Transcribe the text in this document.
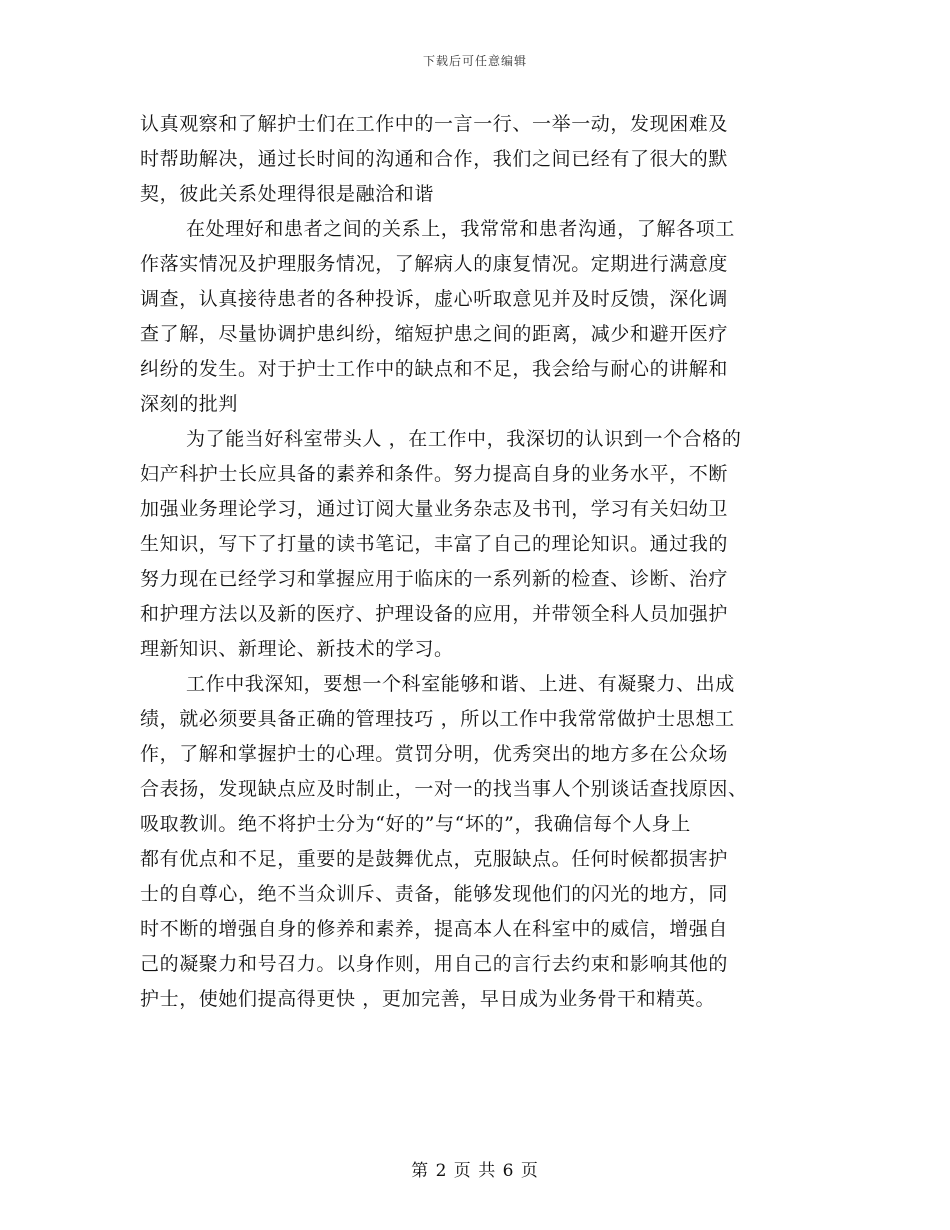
下载后可任意编辑
认真观察和了解护士们在工作中的一言一行、一举一动，发现困难及
时帮助解决，通过长时间的沟通和合作，我们之间已经有了很大的默
契，彼此关系处理得很是融洽和谐
在处理好和患者之间的关系上，我常常和患者沟通，了解各项工
作落实情况及护理服务情况，了解病人的康复情况。定期进行满意度
调查，认真接待患者的各种投诉，虚心听取意见并及时反馈，深化调
查了解，尽量协调护患纠纷，缩短护患之间的距离，减少和避开医疗
纠纷的发生。对于护士工作中的缺点和不足，我会给与耐心的讲解和
深刻的批判
为了能当好科室带头人 ，在工作中，我深切的认识到一个合格的
妇产科护士长应具备的素养和条件。努力提高自身的业务水平，不断
加强业务理论学习，通过订阅大量业务杂志及书刊，学习有关妇幼卫
生知识，写下了打量的读书笔记，丰富了自己的理论知识。通过我的
努力现在已经学习和掌握应用于临床的一系列新的检查、诊断、治疗
和护理方法以及新的医疗、护理设备的应用，并带领全科人员加强护
理新知识、新理论、新技术的学习。
工作中我深知，要想一个科室能够和谐、上进、有凝聚力、出成
绩，就必须要具备正确的管理技巧 ，所以工作中我常常做护士思想工
作，了解和掌握护士的心理。赏罚分明，优秀突出的地方多在公众场
合表扬，发现缺点应及时制止，一对一的找当事人个别谈话查找原因、
吸取教训。绝不将护士分为“好的”与“坏的”，我确信每个人身上
都有优点和不足，重要的是鼓舞优点，克服缺点。任何时候都损害护
士的自尊心，绝不当众训斥、责备，能够发现他们的闪光的地方，同
时不断的增强自身的修养和素养，提高本人在科室中的威信，增强自
己的凝聚力和号召力。以身作则，用自己的言行去约束和影响其他的
护士，使她们提高得更快 ，更加完善，早日成为业务骨干和精英。
第 2 页 共 6 页
